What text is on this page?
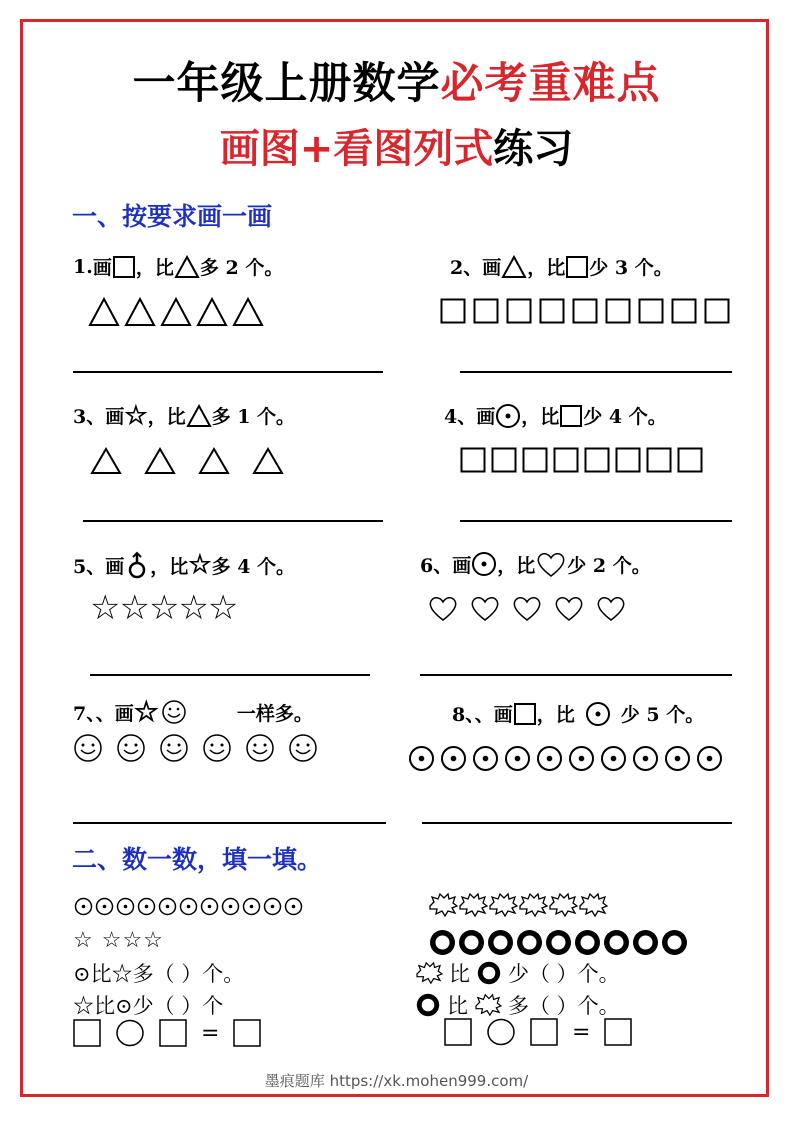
一年级上册数学必考重难点
画图+看图列式练习
一、按要求画一画
1. 画 ，比 多 2 个。	2、 画 ，比 少 3 个。
3、 画 ☆ ，比 多 1 个。	4、 画 ，比 少 4 个。
5、 画 ，比 ☆ 多 4 个。
☆☆☆☆☆
6、 画 ，比 少 2 个。
7、、 画 ☆	一样多。	8、、 画 ，比 少 5 个。
二、数一数，填一填。
☆ ☆☆☆
⊙比☆多（ ）个。
☆比⊙少（ ）个
=
比 少（ ）个。
比 多（ ）个。
=
墨痕题库 https://xk.mohen999.com/
